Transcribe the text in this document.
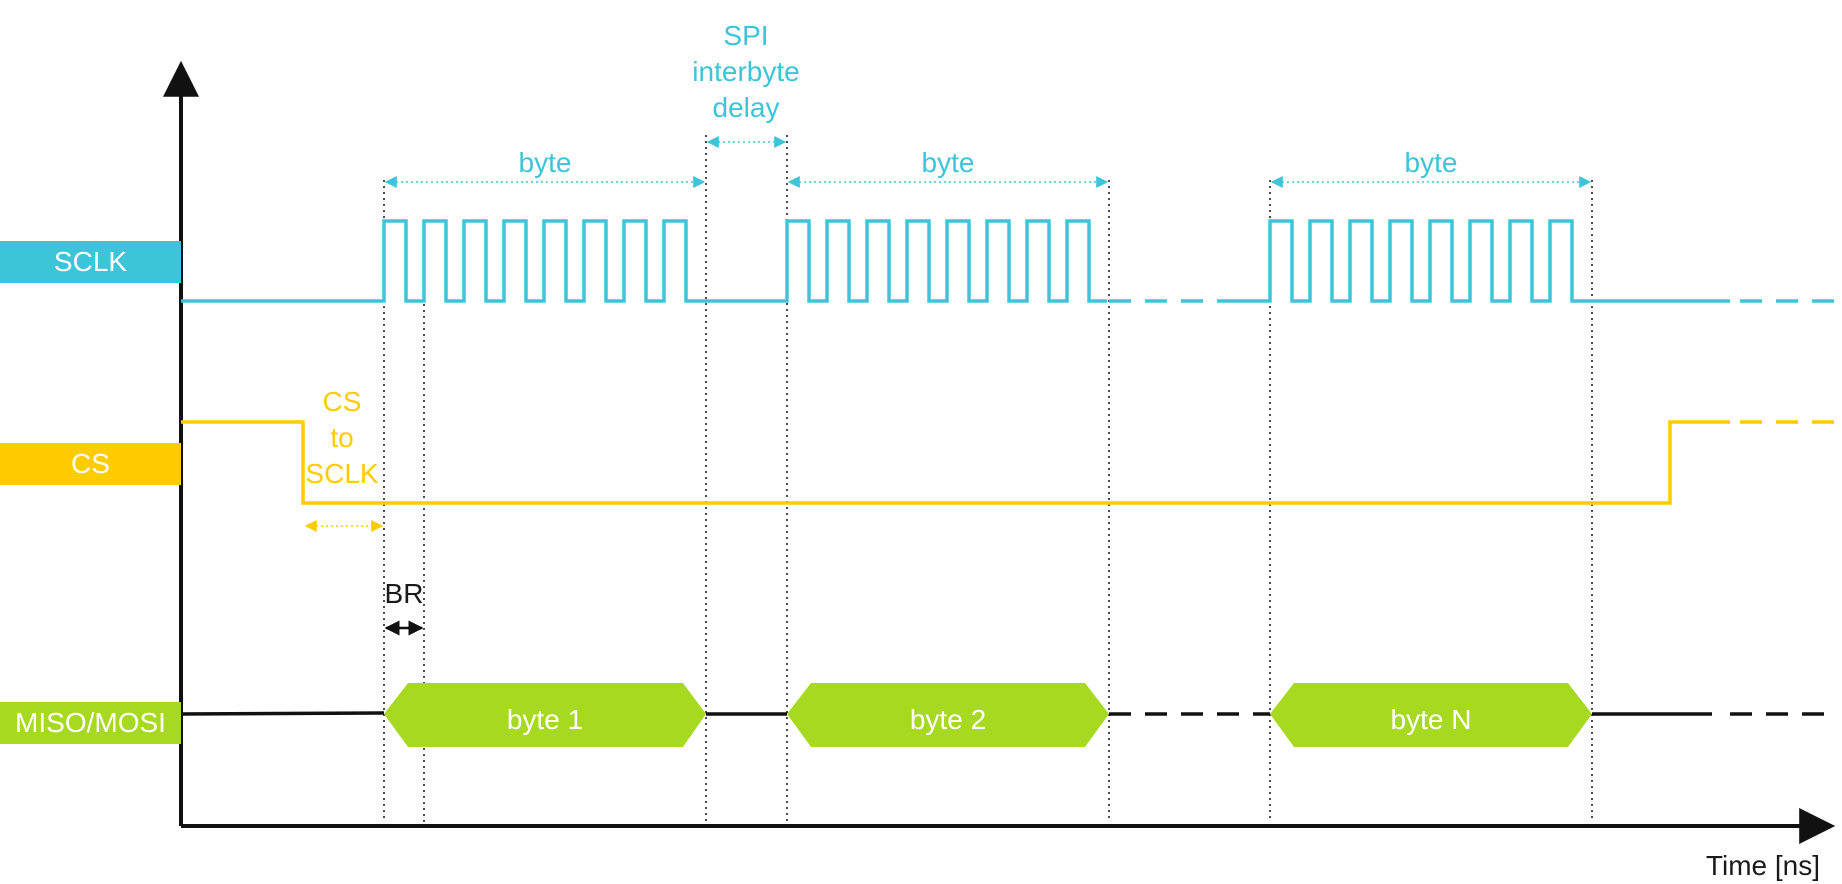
SCLK
CS
MISO/MOSI
byte	byte	byte
SPI
interbyte
delay
CS
to
SCLK
BR
byte 1	byte 2	byte N
Time [ns]
